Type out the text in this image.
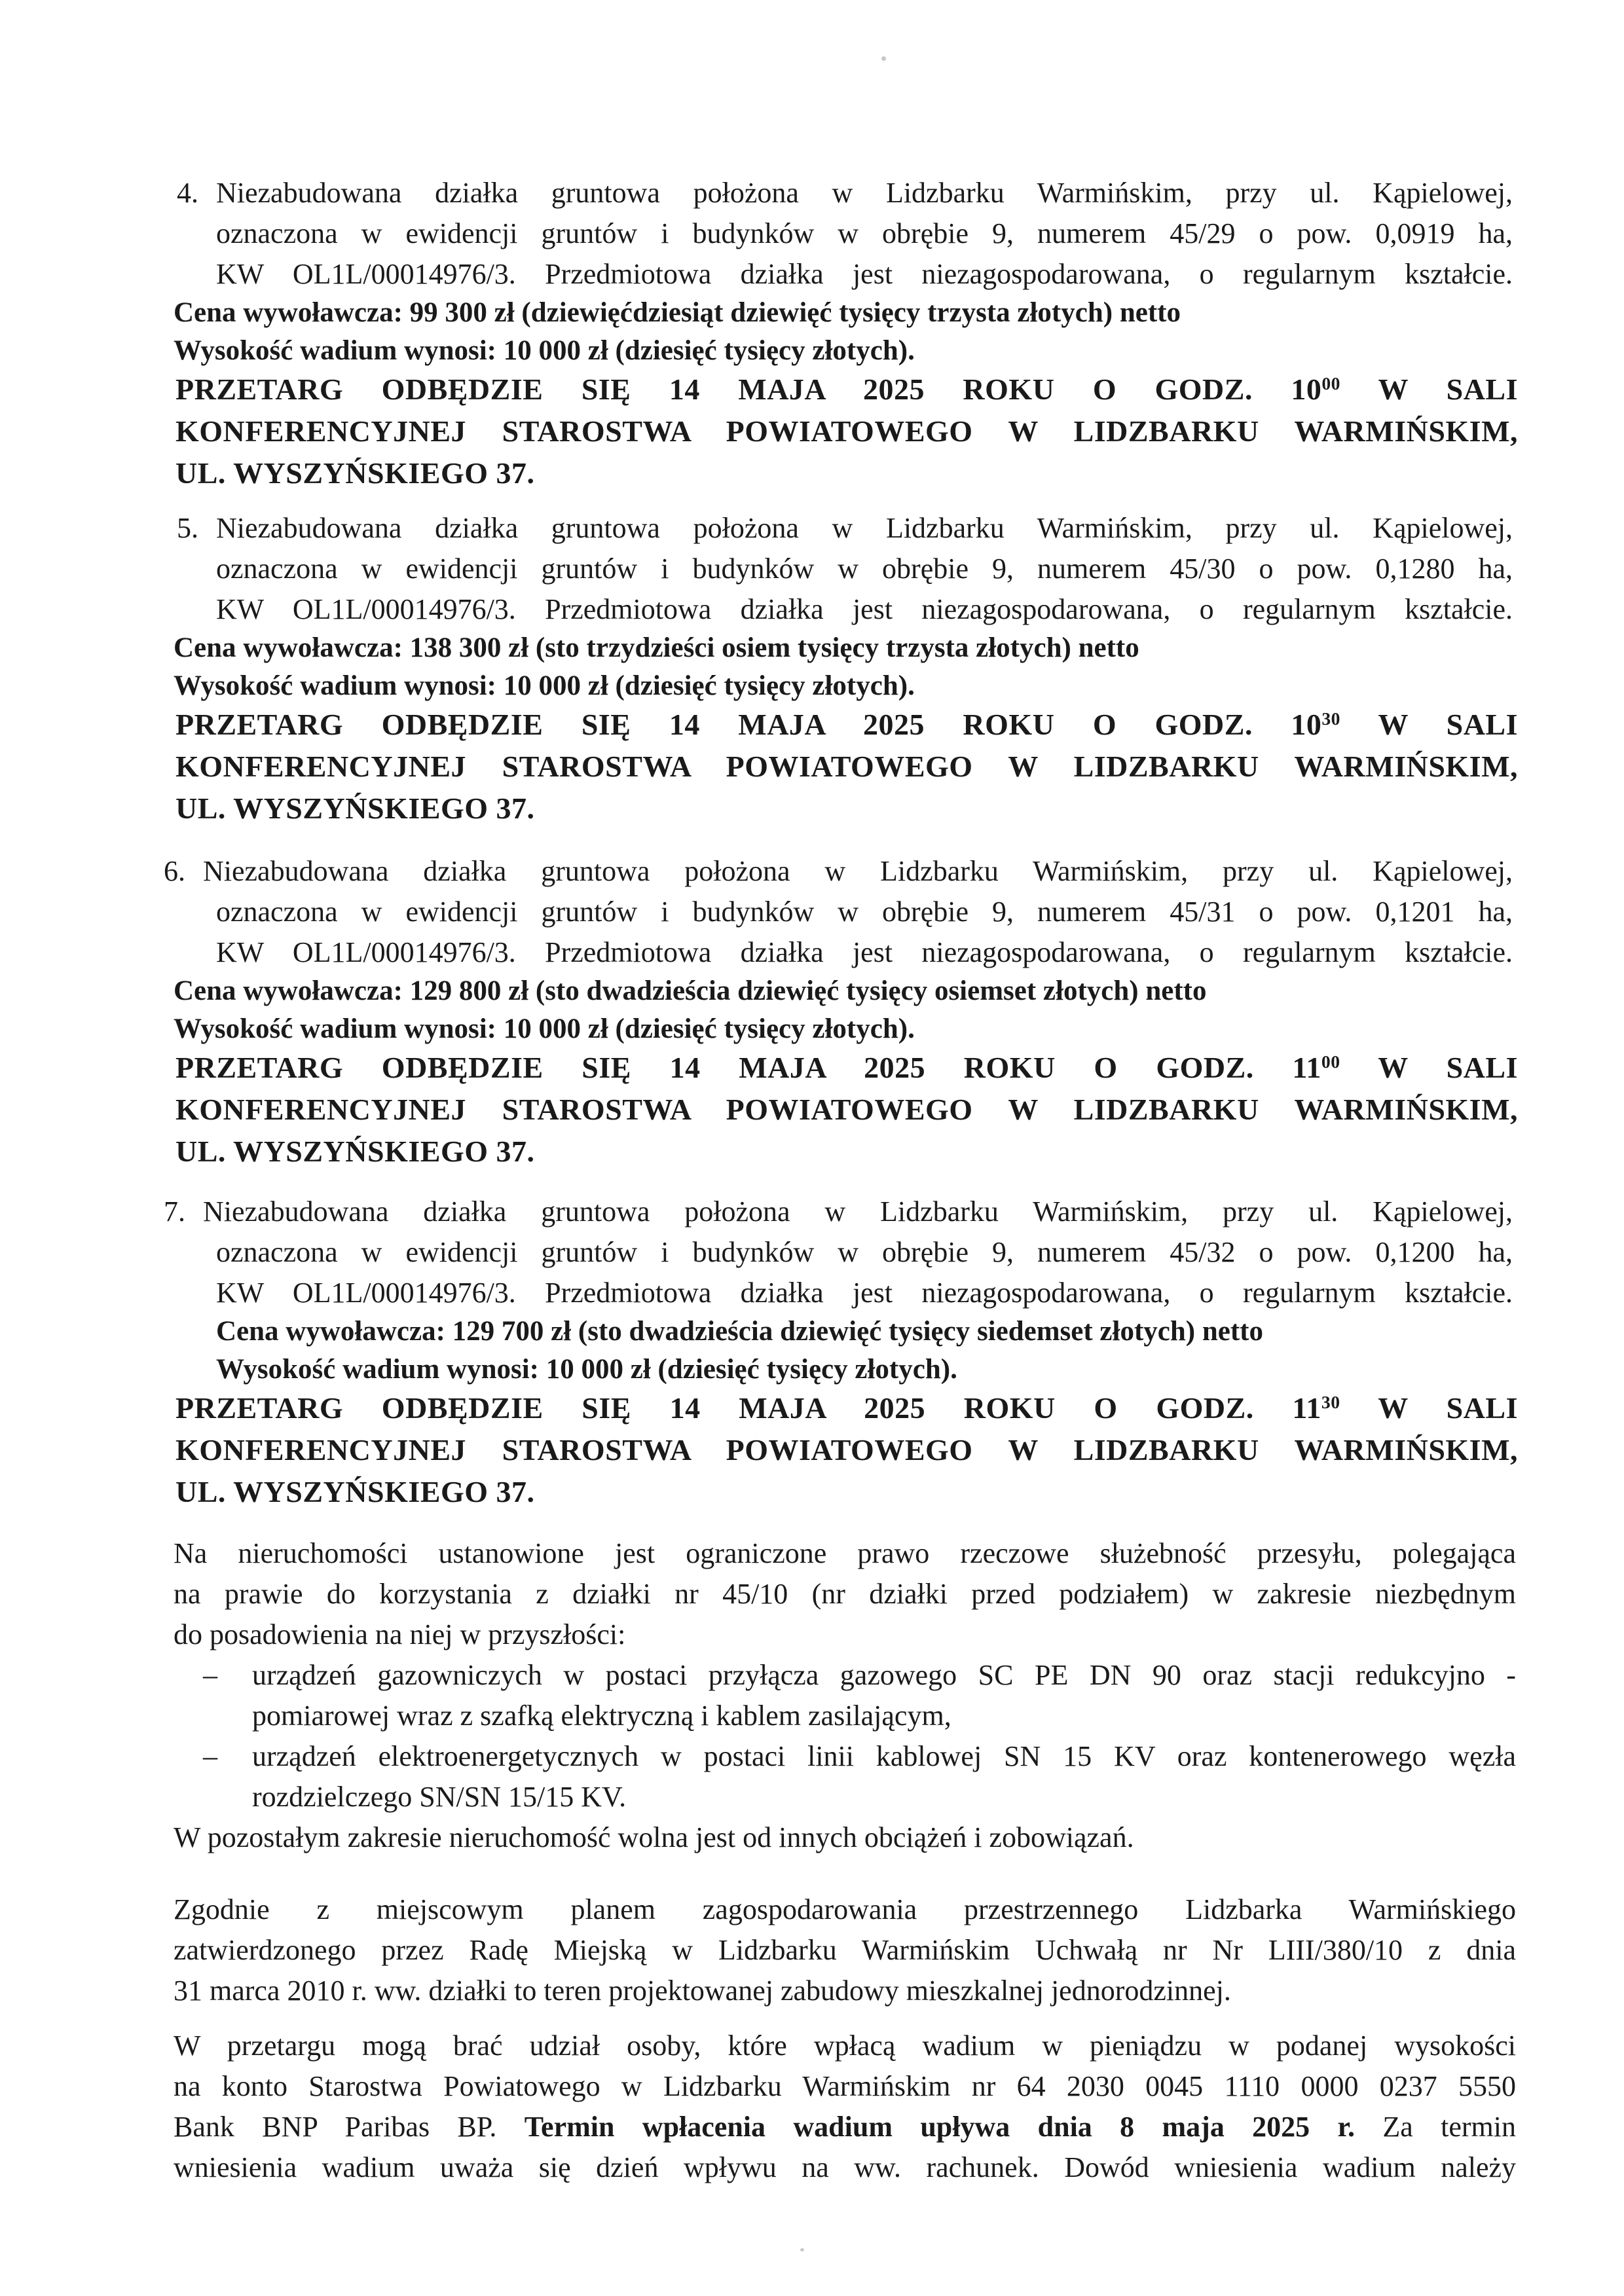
4. Niezabudowana działka gruntowa położona w Lidzbarku Warmińskim, przy ul. Kąpielowej,
oznaczona w ewidencji gruntów i budynków w obrębie 9, numerem 45/29 o pow. 0,0919 ha,
KW OL1L/00014976/3. Przedmiotowa działka jest niezagospodarowana, o regularnym kształcie.
Cena wywoławcza: 99 300 zł (dziewięćdziesiąt dziewięć tysięcy trzysta złotych) netto
Wysokość wadium wynosi: 10 000 zł (dziesięć tysięcy złotych).
PRZETARG ODBĘDZIE SIĘ 14 MAJA 2025 ROKU O GODZ. $10^{00}$ W SALI
KONFERENCYJNEJ STAROSTWA POWIATOWEGO W LIDZBARKU WARMIŃSKIM,
UL. WYSZYŃSKIEGO 37.
5. Niezabudowana działka gruntowa położona w Lidzbarku Warmińskim, przy ul. Kąpielowej,
oznaczona w ewidencji gruntów i budynków w obrębie 9, numerem 45/30 o pow. 0,1280 ha,
KW OL1L/00014976/3. Przedmiotowa działka jest niezagospodarowana, o regularnym kształcie.
Cena wywoławcza: 138 300 zł (sto trzydzieści osiem tysięcy trzysta złotych) netto
Wysokość wadium wynosi: 10 000 zł (dziesięć tysięcy złotych).
PRZETARG ODBĘDZIE SIĘ 14 MAJA 2025 ROKU O GODZ. $10^{30}$ W SALI
KONFERENCYJNEJ STAROSTWA POWIATOWEGO W LIDZBARKU WARMIŃSKIM,
UL. WYSZYŃSKIEGO 37.
6. Niezabudowana działka gruntowa położona w Lidzbarku Warmińskim, przy ul. Kąpielowej,
oznaczona w ewidencji gruntów i budynków w obrębie 9, numerem 45/31 o pow. 0,1201 ha,
KW OL1L/00014976/3. Przedmiotowa działka jest niezagospodarowana, o regularnym kształcie.
Cena wywoławcza: 129 800 zł (sto dwadzieścia dziewięć tysięcy osiemset złotych) netto
Wysokość wadium wynosi: 10 000 zł (dziesięć tysięcy złotych).
PRZETARG ODBĘDZIE SIĘ 14 MAJA 2025 ROKU O GODZ. $11^{00}$ W SALI
KONFERENCYJNEJ STAROSTWA POWIATOWEGO W LIDZBARKU WARMIŃSKIM,
UL. WYSZYŃSKIEGO 37.
7. Niezabudowana działka gruntowa położona w Lidzbarku Warmińskim, przy ul. Kąpielowej,
oznaczona w ewidencji gruntów i budynków w obrębie 9, numerem 45/32 o pow. 0,1200 ha,
KW OL1L/00014976/3. Przedmiotowa działka jest niezagospodarowana, o regularnym kształcie.
Cena wywoławcza: 129 700 zł (sto dwadzieścia dziewięć tysięcy siedemset złotych) netto
Wysokość wadium wynosi: 10 000 zł (dziesięć tysięcy złotych).
PRZETARG ODBĘDZIE SIĘ 14 MAJA 2025 ROKU O GODZ. $11^{30}$ W SALI
KONFERENCYJNEJ STAROSTWA POWIATOWEGO W LIDZBARKU WARMIŃSKIM,
UL. WYSZYŃSKIEGO 37.
Na nieruchomości ustanowione jest ograniczone prawo rzeczowe służebność przesyłu, polegająca
na prawie do korzystania z działki nr 45/10 (nr działki przed podziałem) w zakresie niezbędnym
do posadowienia na niej w przyszłości:
– urządzeń gazowniczych w postaci przyłącza gazowego SC PE DN 90 oraz stacji redukcyjno -
pomiarowej wraz z szafką elektryczną i kablem zasilającym,
– urządzeń elektroenergetycznych w postaci linii kablowej SN 15 KV oraz kontenerowego węzła
rozdzielczego SN/SN 15/15 KV.
W pozostałym zakresie nieruchomość wolna jest od innych obciążeń i zobowiązań.
Zgodnie z miejscowym planem zagospodarowania przestrzennego Lidzbarka Warmińskiego
zatwierdzonego przez Radę Miejską w Lidzbarku Warmińskim Uchwałą nr Nr LIII/380/10 z dnia
31 marca 2010 r. ww. działki to teren projektowanej zabudowy mieszkalnej jednorodzinnej.
W przetargu mogą brać udział osoby, które wpłacą wadium w pieniądzu w podanej wysokości
na konto Starostwa Powiatowego w Lidzbarku Warmińskim nr 64 2030 0045 1110 0000 0237 5550
Bank BNP Paribas BP. Termin wpłacenia wadium upływa dnia 8 maja 2025 r. Za termin
wniesienia wadium uważa się dzień wpływu na ww. rachunek. Dowód wniesienia wadium należy
